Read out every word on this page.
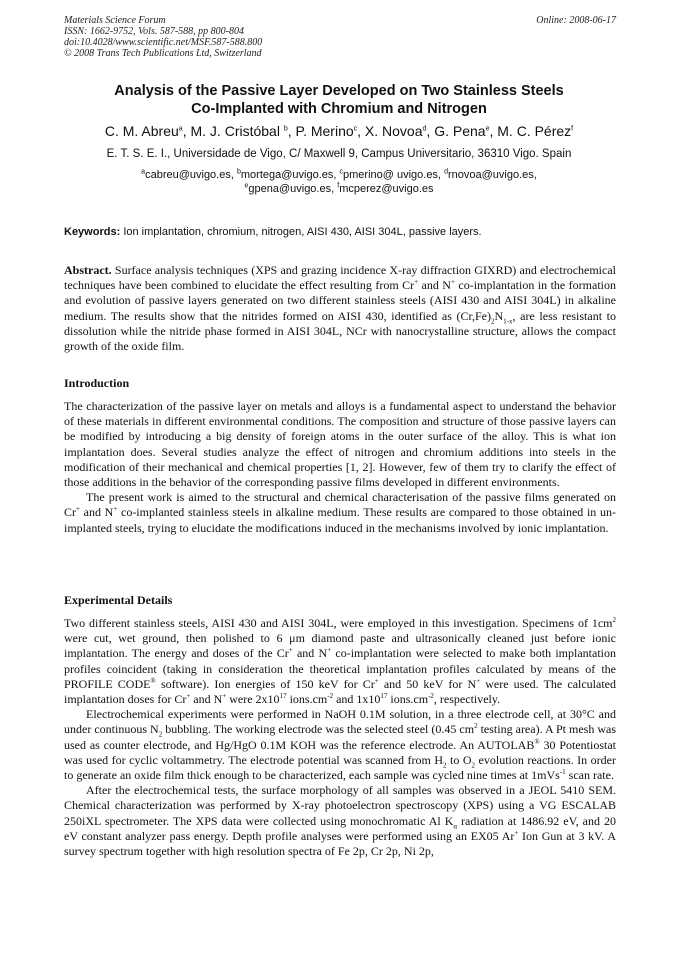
Materials Science Forum
ISSN: 1662-9752, Vols. 587-588, pp 800-804
doi:10.4028/www.scientific.net/MSF.587-588.800
© 2008 Trans Tech Publications Ltd, Switzerland
Online: 2008-06-17
Analysis of the Passive Layer Developed on Two Stainless Steels
Co-Implanted with Chromium and Nitrogen
C. M. Abreu$^a$, M. J. Cristóbal $^b$, P. Merino$^c$, X. Novoa$^d$, G. Pena$^e$, M. C. Pérez$^f$
E. T. S. E. I., Universidade de Vigo, C/ Maxwell 9, Campus Universitario, 36310 Vigo. Spain
$^a$cabreu@uvigo.es, $^b$mortega@uvigo.es, $^c$pmerino@ uvigo.es, $^d$rnovoa@uvigo.es,
$^e$gpena@uvigo.es, $^f$mcperez@uvigo.es
Keywords: Ion implantation, chromium, nitrogen, AISI 430, AISI 304L, passive layers.

Abstract. Surface analysis techniques (XPS and grazing incidence X-ray diffraction GIXRD) and electrochemical techniques have been combined to elucidate the effect resulting from Cr+ and N+ co-implantation in the formation and evolution of passive layers generated on two different stainless steels (AISI 430 and AISI 304L) in alkaline medium. The results show that the nitrides formed on AISI 430, identified as $(Cr,Fe)_2N_{1-x}$, are less resistant to dissolution while the nitride phase formed in AISI 304L, NCr with nanocrystalline structure, allows the compact growth of the oxide film.

Introduction

The characterization of the passive layer on metals and alloys is a fundamental aspect to understand the behavior of these materials in different environmental conditions. The composition and structure of those passive layers can be modified by introducing a big density of foreign atoms in the outer surface of the alloy. This is what ion implantation does. Several studies analyze the effect of nitrogen and chromium additions into steels in the modification of their mechanical and chemical properties [1, 2]. However, few of them try to clarify the effect of those additions in the behavior of the corresponding passive films developed in different environments.

The present work is aimed to the structural and chemical characterisation of the passive films generated on Cr+ and N+ co-implanted stainless steels in alkaline medium. These results are compared to those obtained in un-implanted steels, trying to elucidate the modifications induced in the mechanisms involved by ionic implantation.

Experimental Details

Two different stainless steels, AISI 430 and AISI 304L, were employed in this investigation. Specimens of $1cm^2$ were cut, wet ground, then polished to 6 μm diamond paste and ultrasonically cleaned just before ionic implantation. The energy and doses of the Cr+ and N+ co-implantation were selected to make both implantation profiles coincident (taking in consideration the theoretical implantation profiles calculated by means of the PROFILE CODE® software). Ion energies of 150 keV for Cr+ and 50 keV for N+ were used. The calculated implantation doses for Cr+ and N+ were $2x10^{17}$ $ions.cm^{-2}$ and $1x10^{17}$ $ions.cm^{-2}$, respectively.

Electrochemical experiments were performed in NaOH 0.1M solution, in a three electrode cell, at 30°C and under continuous $N_2$ bubbling. The working electrode was the selected steel (0.45 $cm^2$ testing area). A Pt mesh was used as counter electrode, and Hg/HgO 0.1M KOH was the reference electrode. An AUTOLAB® 30 Potentiostat was used for cyclic voltammetry. The electrode potential was scanned from $H_2$ to $O_2$ evolution reactions. In order to generate an oxide film thick enough to be characterized, each sample was cycled nine times at 1mVs$^{-1}$ scan rate.

After the electrochemical tests, the surface morphology of all samples was observed in a JEOL 5410 SEM. Chemical characterization was performed by X-ray photoelectron spectroscopy (XPS) using a VG ESCALAB 250iXL spectrometer. The XPS data were collected using monochromatic Al $K_\alpha$ radiation at 1486.92 eV, and 20 eV constant analyzer pass energy. Depth profile analyses were performed using an EX05 Ar+ Ion Gun at 3 kV. A survey spectrum together with high resolution spectra of Fe 2p, Cr 2p, Ni 2p,
